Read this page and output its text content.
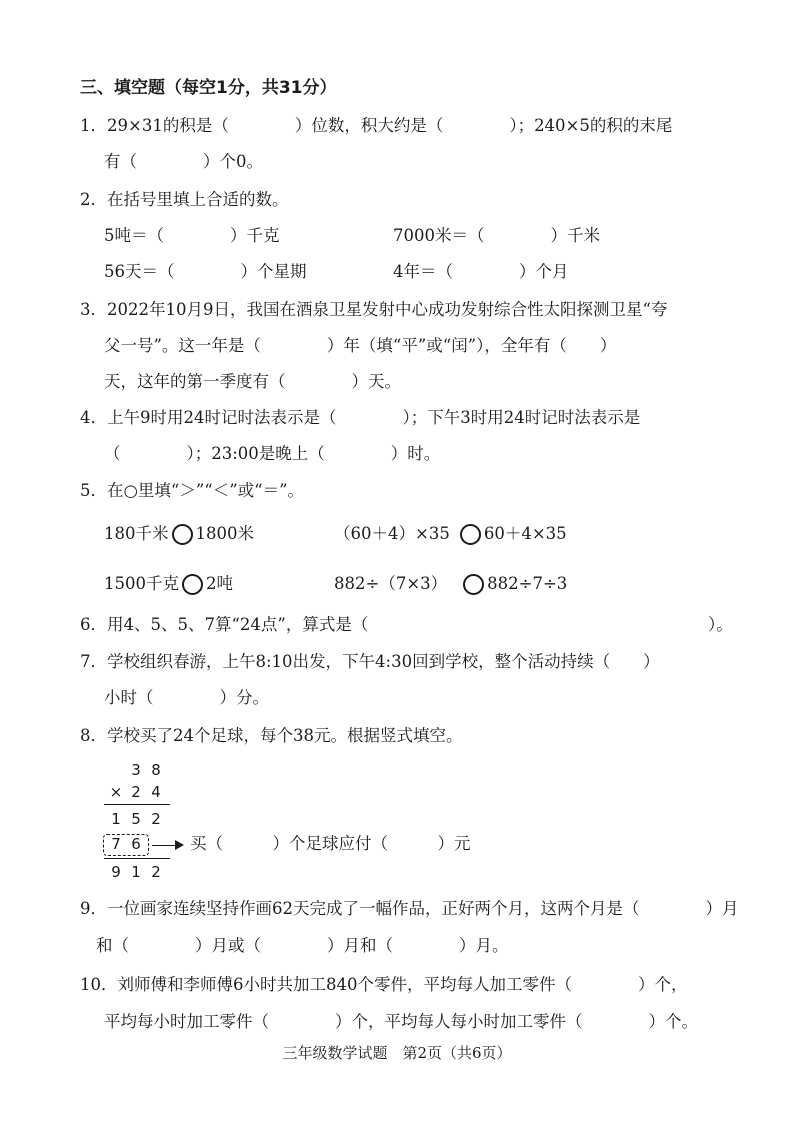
三、填空题（每空1分，共31分）
1．29×31的积是（　　　　）位数，积大约是（　　　　）；240×5的积的末尾
有（　　　　）个0。
2．在括号里填上合适的数。
5吨＝（　　　　）千克	7000米＝（　　　　）千米
56天＝（　　　　）个星期	4年＝（　　　　）个月
3．2022年10月9日，我国在酒泉卫星发射中心成功发射综合性太阳探测卫星“夸
父一号”。这一年是（　　　　）年（填“平”或“闰”），全年有（　　）
天，这年的第一季度有（　　　　）天。
4．上午9时用24时记时法表示是（　　　　）；下午3时用24时记时法表示是
（　　　　）；23:00是晚上（　　　　）时。
5．在○里填“＞”“＜”或“＝”。
180千米 1800米	（60＋4）×35 60＋4×35
1500千克 2吨	882÷（7×3） 882÷7÷3
6．用4、5、5、7算“24点”，算式是（	）。
7．学校组织春游，上午8:10出发，下午4:30回到学校，整个活动持续（　　）
小时（　　　　）分。
8．学校买了24个足球，每个38元。根据竖式填空。
3 8
× 2 4
1 5 2
7 6
9 1 2
买（　　　）个足球应付（　　　）元
9．一位画家连续坚持作画62天完成了一幅作品，正好两个月，这两个月是（　　　　）月
和（　　　　）月或（　　　　）月和（　　　　）月。
10．刘师傅和李师傅6小时共加工840个零件，平均每人加工零件（　　　　）个，
平均每小时加工零件（　　　　）个，平均每人每小时加工零件（　　　　）个。
三年级数学试题　第2页（共6页）
